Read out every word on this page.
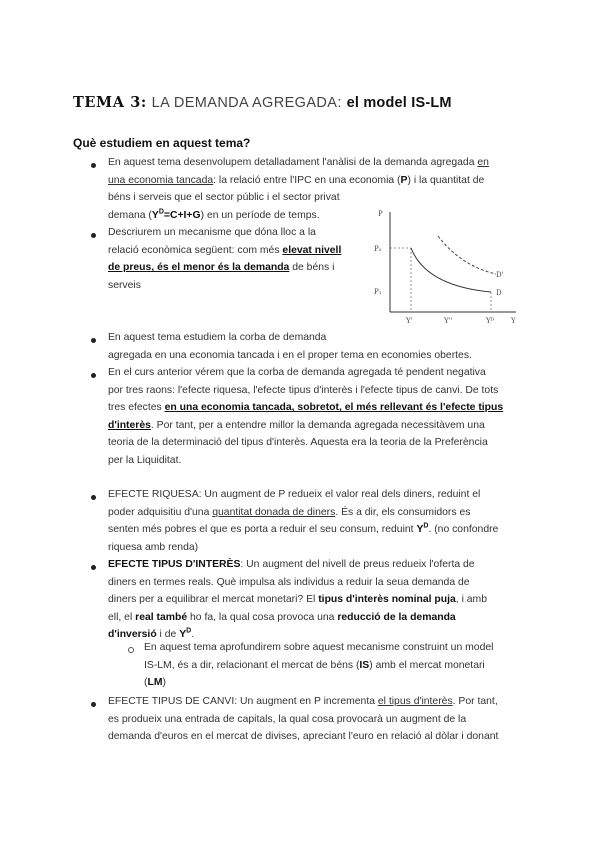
TEMA 3: LA DEMANDA AGREGADA: el model IS-LM
Què estudiem en aquest tema?
En aquest tema desenvolupem detalladament l'anàlisi de la demanda agregada en
una economia tancada: la relació entre l'IPC en una economia (P) i la quantitat de
béns i serveis que el sector públic i el sector privat
demana $(Y^D=C+I+G)$ en un període de temps.
Descriurem un mecanisme que dóna lloc a la
relació econòmica següent: com més elevat nivell
de preus, és el menor és la demanda de béns i
serveis
P
P₂
P₁
Y'	Y''	Yᴰ Y
D'
D
En aquest tema estudiem la corba de demanda
agregada en una economia tancada i en el proper tema en economies obertes.
En el curs anterior vérem que la corba de demanda agregada té pendent negativa
por tres raons: l'efecte riquesa, l'efecte tipus d'interès i l'efecte tipus de canvi. De tots
tres efectes en una economia tancada, sobretot, el més rellevant és l'efecte tipus
d'interès. Por tant, per a entendre millor la demanda agregada necessitàvem una
teoria de la determinació del tipus d'interès. Aquesta era la teoria de la Preferència
per la Liquiditat.
EFECTE RIQUESA: Un augment de P redueix el valor real dels diners, reduint el
poder adquisitiu d'una quantitat donada de diners. És a dir, els consumidors es
senten més pobres el que es porta a reduir el seu consum, reduint $Y^D$. (no confondre
riquesa amb renda)
EFECTE TIPUS D'INTERÈS: Un augment del nivell de preus redueix l'oferta de
diners en termes reals. Què impulsa als individus a reduir la seua demanda de
diners per a equilibrar el mercat monetari? El tipus d'interès nominal puja, i amb
ell, el real també ho fa, la qual cosa provoca una reducció de la demanda
d'inversió i de $Y^D$.
En aquest tema aprofundirem sobre aquest mecanisme construint un model
IS-LM, és a dir, relacionant el mercat de béns (IS) amb el mercat monetari
(LM)
EFECTE TIPUS DE CANVI: Un augment en P incrementa el tipus d'interès. Por tant,
es produeix una entrada de capitals, la qual cosa provocarà un augment de la
demanda d'euros en el mercat de divises, apreciant l'euro en relació al dòlar i donant
